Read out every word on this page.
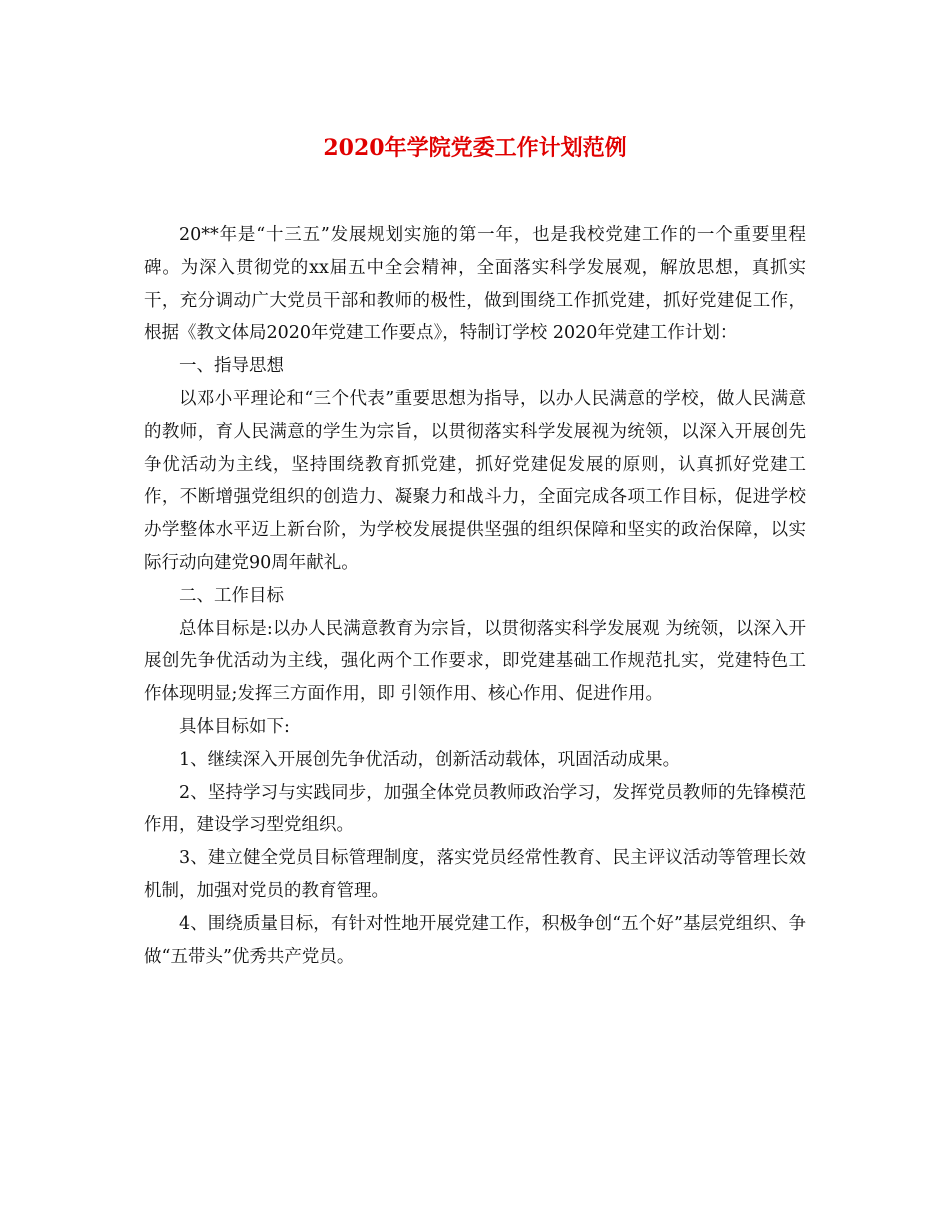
2020年学院党委工作计划范例

20**年是“十三五”发展规划实施的第一年，也是我校党建工作的一个重要里程碑。为深入贯彻党的xx届五中全会精神，全面落实科学发展观，解放思想，真抓实干，充分调动广大党员干部和教师的极性，做到围绕工作抓党建，抓好党建促工作，根据《教文体局2020年党建工作要点》，特制订学校 2020年党建工作计划：

一、指导思想

以邓小平理论和“三个代表”重要思想为指导，以办人民满意的学校，做人民满意的教师，育人民满意的学生为宗旨，以贯彻落实科学发展视为统领，以深入开展创先争优活动为主线，坚持围绕教育抓党建，抓好党建促发展的原则，认真抓好党建工作，不断增强党组织的创造力、凝聚力和战斗力，全面完成各项工作目标，促进学校办学整体水平迈上新台阶，为学校发展提供坚强的组织保障和坚实的政治保障，以实际行动向建党90周年献礼。

二、工作目标

总体目标是:以办人民满意教育为宗旨，以贯彻落实科学发展观 为统领，以深入开展创先争优活动为主线，强化两个工作要求，即党建基础工作规范扎实，党建特色工作体现明显;发挥三方面作用，即 引领作用、核心作用、促进作用。

具体目标如下:

1、继续深入开展创先争优活动，创新活动载体，巩固活动成果。

2、坚持学习与实践同步，加强全体党员教师政治学习，发挥党员教师的先锋模范作用，建设学习型党组织。

3、建立健全党员目标管理制度，落实党员经常性教育、民主评议活动等管理长效机制，加强对党员的教育管理。

4、围绕质量目标，有针对性地开展党建工作，积极争创“五个好”基层党组织、争做“五带头”优秀共产党员。
